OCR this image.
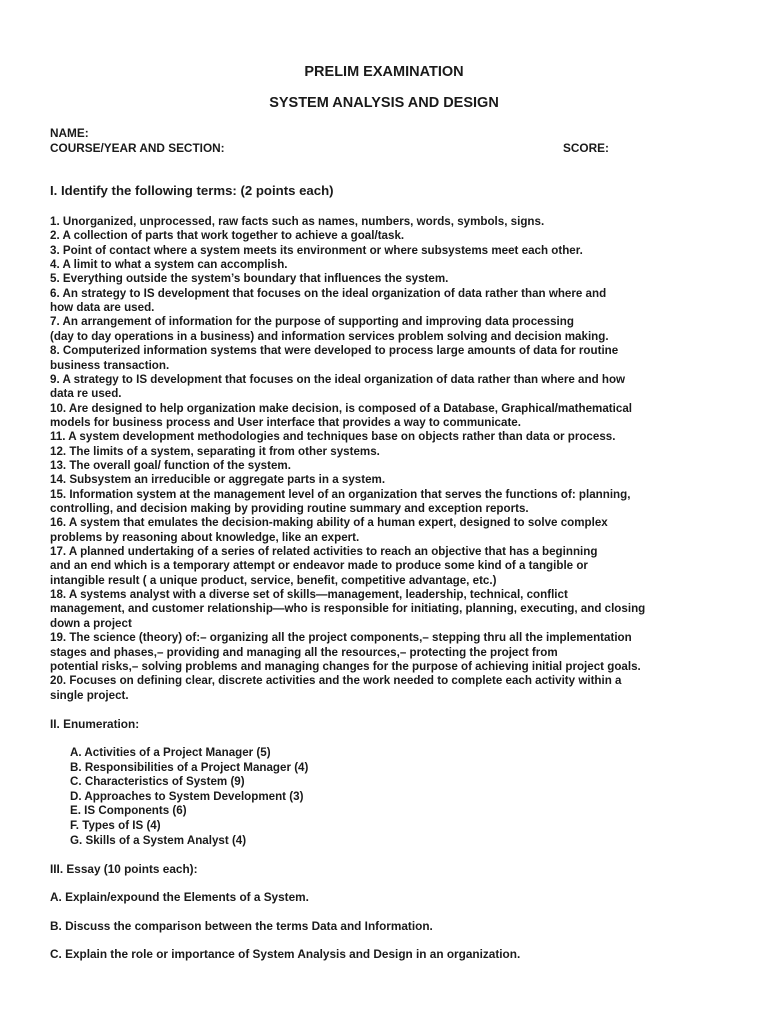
PRELIM EXAMINATION
SYSTEM ANALYSIS AND DESIGN
NAME:
COURSE/YEAR AND SECTION:	SCORE:
I. Identify the following terms: (2 points each)
1. Unorganized, unprocessed, raw facts such as names, numbers, words, symbols, signs.
2. A collection of parts that work together to achieve a goal/task.
3. Point of contact where a system meets its environment or where subsystems meet each other.
4. A limit to what a system can accomplish.
5. Everything outside the system’s boundary that influences the system.
6. An strategy to IS development that focuses on the ideal organization of data rather than where and
how data are used.
7. An arrangement of information for the purpose of supporting and improving data processing
(day to day operations in a business) and information services problem solving and decision making.
8. Computerized information systems that were developed to process large amounts of data for routine
business transaction.
9. A strategy to IS development that focuses on the ideal organization of data rather than where and how
data re used.
10. Are designed to help organization make decision, is composed of a Database, Graphical/mathematical
models for business process and User interface that provides a way to communicate.
11. A system development methodologies and techniques base on objects rather than data or process.
12. The limits of a system, separating it from other systems.
13. The overall goal/ function of the system.
14. Subsystem an irreducible or aggregate parts in a system.
15. Information system at the management level of an organization that serves the functions of: planning,
controlling, and decision making by providing routine summary and exception reports.
16. A system that emulates the decision-making ability of a human expert, designed to solve complex
problems by reasoning about knowledge, like an expert.
17. A planned undertaking of a series of related activities to reach an objective that has a beginning
and an end which is a temporary attempt or endeavor made to produce some kind of a tangible or
intangible result ( a unique product, service, benefit, competitive advantage, etc.)
18. A systems analyst with a diverse set of skills—management, leadership, technical, conflict
management, and customer relationship—who is responsible for initiating, planning, executing, and closing
down a project
19. The science (theory) of:– organizing all the project components,– stepping thru all the implementation
stages and phases,– providing and managing all the resources,– protecting the project from
potential risks,– solving problems and managing changes for the purpose of achieving initial project goals.
20. Focuses on defining clear, discrete activities and the work needed to complete each activity within a
single project.
II. Enumeration:
A. Activities of a Project Manager (5)
B. Responsibilities of a Project Manager (4)
C. Characteristics of System (9)
D. Approaches to System Development (3)
E. IS Components (6)
F. Types of IS (4)
G. Skills of a System Analyst (4)
III. Essay (10 points each):
A. Explain/expound the Elements of a System.
B. Discuss the comparison between the terms Data and Information.
C. Explain the role or importance of System Analysis and Design in an organization.
